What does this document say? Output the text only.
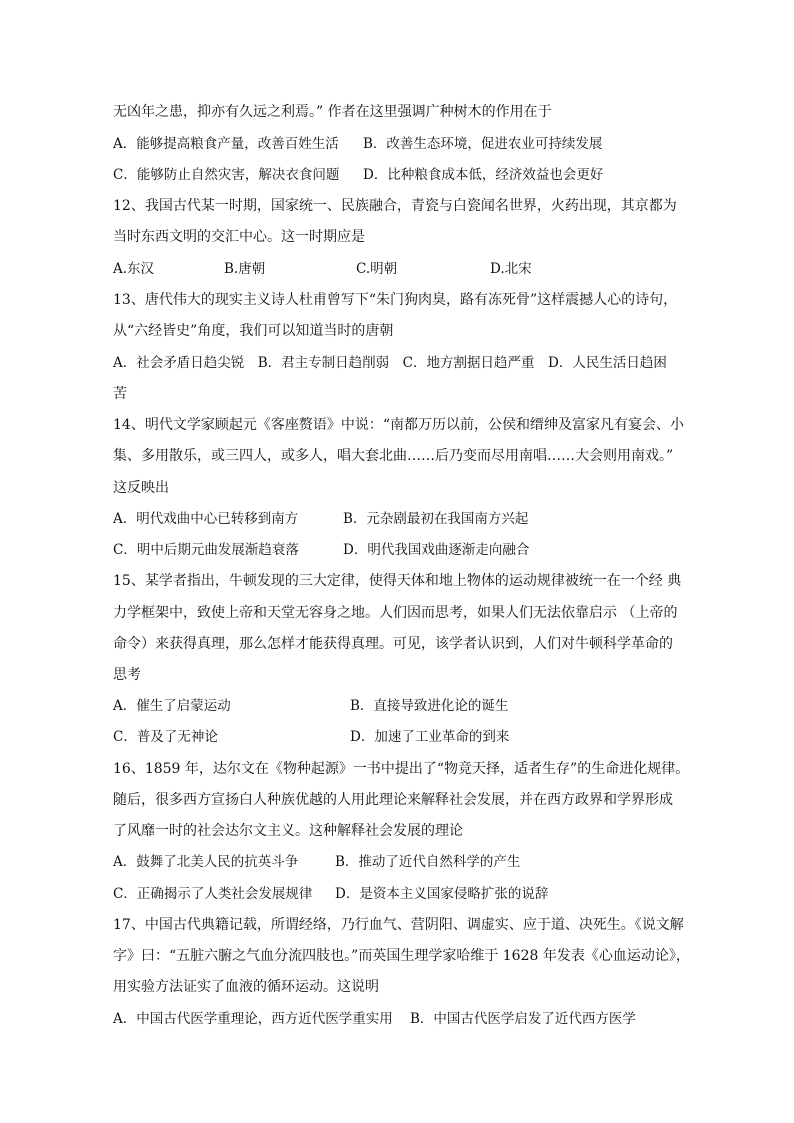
无凶年之患，抑亦有久远之利焉。” 作者在这里强调广种树木的作用在于
A．能够提高粮食产量，改善百姓生活 B．改善生态环境，促进农业可持续发展
C．能够防止自然灾害，解决衣食问题 D．比种粮食成本低，经济效益也会更好
12、我国古代某一时期，国家统一、民族融合，青瓷与白瓷闻名世界，火药出现，其京都为
当时东西文明的交汇中心。这一时期应是
A.东汉	B.唐朝	C.明朝	D.北宋
13、唐代伟大的现实主义诗人杜甫曾写下“朱门狗肉臭，路有冻死骨”这样震撼人心的诗句，
从“六经皆史”角度，我们可以知道当时的唐朝
A．社会矛盾日趋尖锐　B．君主专制日趋削弱　C．地方割据日趋严重　D．人民生活日趋困
苦
14、明代文学家顾起元《客座赘语》中说：“南都万历以前，公侯和缙绅及富家凡有宴会、小
集、多用散乐，或三四人，或多人，唱大套北曲……后乃变而尽用南唱……大会则用南戏。”
这反映出
A．明代戏曲中心已转移到南方	B．元杂剧最初在我国南方兴起
C．明中后期元曲发展渐趋衰落	D．明代我国戏曲逐渐走向融合
15、某学者指出，牛顿发现的三大定律，使得天体和地上物体的运动规律被统一在一个经 典
力学框架中，致使上帝和天堂无容身之地。人们因而思考，如果人们无法依靠启示 （上帝的
命令）来获得真理，那么怎样才能获得真理。可见，该学者认识到，人们对牛顿科学革命的
思考
A．催生了启蒙运动	B．直接导致进化论的诞生
C．普及了无神论	D．加速了工业革命的到来
16、1859 年，达尔文在《物种起源》一书中提出了“物竞天择，适者生存”的生命进化规律。
随后，很多西方宣扬白人种族优越的人用此理论来解释社会发展，并在西方政界和学界形成
了风靡一时的社会达尔文主义。这种解释社会发展的理论
A．鼓舞了北美人民的抗英斗争	B．推动了近代自然科学的产生
C．正确揭示了人类社会发展规律 D．是资本主义国家侵略扩张的说辞
17、中国古代典籍记载，所谓经络，乃行血气、营阴阳、调虚实、应于道、决死生。《说文解
字》曰：“五脏六腑之气血分流四肢也。”而英国生理学家哈维于 1628 年发表《心血运动论》，
用实验方法证实了血液的循环运动。这说明
A．中国古代医学重理论，西方近代医学重实用 B．中国古代医学启发了近代西方医学
